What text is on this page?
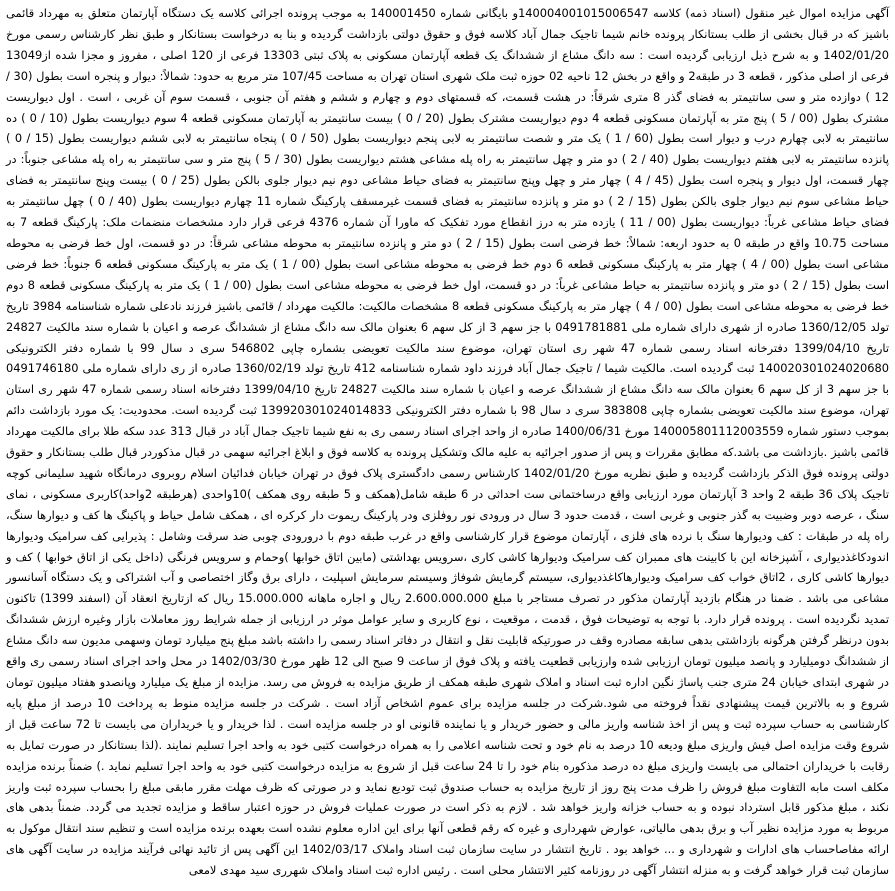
آگهی مزایده اموال غیر منقول (اسناد ذمه) کلاسه 140004001015006547و بایگانی شماره 140001450 به موجب پرونده اجرائی کلاسه یک دستگاه آپارتمان متعلق به مهرداد قائمی باشیز که در قبال بخشی از طلب بستانکار پرونده خانم شیما تاجیک جمال آباد کلاسه فوق و حقوق دولتی بازداشت گردیده و بنا به درخواست بستانکار و طبق نظر کارشناس رسمی مورخ 1402/01/20 و به شرح ذیل ارزیابی گردیده است : سه دانگ مشاع از ششدانگ یک قطعه آپارتمان مسکونی به پلاک ثبتی 13303 فرعی از 120 اصلی ، مفروز و مجزا شده از13049 فرعی از اصلی مذکور ، قطعه 3 در طبقه2 و واقع در بخش 12 ناحیه 02 حوزه ثبت ملک شهری استان تهران به مساحت 107/45 متر مربع به حدود: شمالاً: دیوار و پنجره است بطول (30 / 12 ) دوازده متر و سی سانتیمتر به فضای گذر 8 متری شرقاً: در هشت قسمت، که قسمتهای دوم و چهارم و ششم و هفتم آن جنوبی ، قسمت سوم آن غربی ، است . اول دیواریست مشترک بطول (00 / 5 ) پنج متر به آپارتمان مسکونی قطعه 4 دوم دیواریست مشترک بطول (20 / 0 ) بیست سانتیمتر به آپارتمان مسکونی قطعه 4 سوم دیواریست بطول (10 / 0 ) ده سانتیمتر به لابی چهارم درب و دیوار است بطول (60 / 1 ) یک متر و شصت سانتیمتر به لابی پنجم دیواریست بطول (50 / 0 ) پنجاه سانتیمتر به لابی ششم دیواریست بطول (15 / 0 ) پانزده سانتیمتر به لابی هفتم دیواریست بطول (40 / 2 ) دو متر و چهل سانتیمتر به راه پله مشاعی هشتم دیواریست بطول (30 / 5 ) پنج متر و سی سانتیمتر به راه پله مشاعی جنوباً: در چهار قسمت، اول دیوار و پنجره است بطول (45 / 4 ) چهار متر و چهل وپنج سانتیمتر به فضای حیاط مشاعی دوم نیم دیوار جلوی بالکن بطول (25 / 0 ) بیست وپنج سانتیمتر به فضای حیاط مشاعی سوم نیم دیوار جلوی بالکن بطول (15 / 2 ) دو متر و پانزده سانتیمتر به فضای قسمت غیرمسقف پارکینگ شماره 11 چهارم دیواریست بطول (40 / 0 ) چهل سانتیمتر به فضای حیاط مشاعی غرباً: دیواریست بطول (00 / 11 ) یازده متر به درز انقطاع مورد تفکیک که ماورا آن شماره 4376 فرعی قرار دارد مشخصات منضمات ملک: پارکینگ قطعه 7 به مساحت 10.75 واقع در طبقه 0 به حدود اربعه: شمالاً: خط فرضی است بطول (15 / 2 ) دو متر و پانزده سانتیمتر به محوطه مشاعی شرقاً: در دو قسمت، اول خط فرضی به محوطه مشاعی است بطول (00 / 4 ) چهار متر به پارکینگ مسکونی قطعه 6 دوم خط فرضی به محوطه مشاعی است بطول (00 / 1 ) یک متر به پارکینگ مسکونی قطعه 6 جنوباً: خط فرضی است بطول (15 / 2 ) دو متر و پانزده سانتیمتر به حیاط مشاعی غرباً: در دو قسمت، اول خط فرضی به محوطه مشاعی است بطول (00 / 1 ) یک متر به پارکینگ مسکونی قطعه 8 دوم خط فرضی به محوطه مشاعی است بطول (00 / 4 ) چهار متر به پارکینگ مسکونی قطعه 8 مشخصات مالکیت: مالکیت مهرداد / قائمی باشیز فرزند نادعلی شماره شناسنامه 3984 تاریخ تولد 1360/12/05 صادره از شهری دارای شماره ملی 0491781881 با جز سهم 3 از کل سهم 6 بعنوان مالک سه دانگ مشاع از ششدانگ عرصه و اعیان با شماره سند مالکیت 24827 تاریخ 1399/04/10 دفترخانه اسناد رسمی شماره 47 شهر ری استان تهران، موضوع سند مالکیت تعویضی بشماره چاپی 546802 سری د سال 99 با شماره دفتر الکترونیکی 140020301024020680 ثبت گردیده است. مالکیت شیما / تاجیک جمال آباد فرزند داود شماره شناسنامه 412 تاریخ تولد 1360/02/19 صادره از ری دارای شماره ملی 0491746180 با جز سهم 3 از کل سهم 6 بعنوان مالک سه دانگ مشاع از ششدانگ عرصه و اعیان با شماره سند مالکیت 24827 تاریخ 1399/04/10 دفترخانه اسناد رسمی شماره 47 شهر ری استان تهران، موضوع سند مالکیت تعویضی بشماره چاپی 383808 سری د سال 98 با شماره دفتر الکترونیکی 139920301024014833 ثبت گردیده است. محدودیت: یک مورد بازداشت دائم بموجب دستور شماره 140005801112003559 مورخ 1400/06/31 صادره از واحد اجرای اسناد رسمی ری به نفع شیما تاجیک جمال آباد در قبال 313 عدد سکه طلا برای مالکیت مهرداد قائمی باشیز .بازداشت می باشد.که مطابق مقررات و پس از صدور اجرائیه به علیه مالک وتشکیل پرونده به کلاسه فوق و ابلاغ اجرائیه سهمی در قبال مذکوردر قبال طلب بستانکار و حقوق دولتی پرونده فوق الذکر بازداشت گردیده و طبق نظریه مورخ 1402/01/20 کارشناس رسمی دادگستری پلاک فوق در تهران خیابان فدائیان اسلام روبروی درمانگاه شهید سلیمانی کوچه تاجیک پلاک 36 طبقه 2 واحد 3 آپارتمان مورد ارزیابی واقع درساختمانی ست احداثی در 6 طبقه شامل(همکف و 5 طبقه روی همکف )10واحدی (هرطبقه 2واحد)کاربری مسکونی ، نمای سنگ ، عرصه دوبر وضبیت به گذر جنوبی و غربی است ، قدمت حدود 3 سال در ورودی نور روفلزی ودر پارکینگ ریموت دار کرکره ای ، همکف شامل حیاط و پاکینگ ها کف و دیوارها سنگ، راه پله در طبقات : کف ودیوارها سنگ با نرده های فلزی ، آپارتمان موضوع قرار کارشناسی واقع در غرب طبقه دوم با درورودی چوبی ضد سرقت وشامل : پذیرایی کف سرامیک ودیوارها اندودکاغذدیواری ، آشپزخانه این با کابینت های ممبران کف سرامیک ودیوارها کاشی کاری ،سرویس بهداشتی (مابین اتاق خوابها )وحمام و سرویس فرنگی (داخل یکی از اتاق خوابها ) کف و دیوارها کاشی کاری ، 2اتاق خواب کف سرامیک ودیوارهاکاغذدیواری، سیستم گرمایش شوفاژ وسیستم سرمایش اسپلیت ، دارای برق وگاز اختصاصی و آب اشتراکی و یک دستگاه آسانسور مشاعی می باشد . ضمنا در هنگام بازدید آپارتمان مذکور در تصرف مستاجر با مبلغ 2.600.000.000 ریال و اجاره ماهانه 15.000.000 ریال که ازتاریخ انعقاد آن (اسفند 1399) تاکنون تمدید نگردیده است . پرونده قرار دارد. با توجه به توضیحات فوق ، قدمت ، موقعیت ، نوع کاربری و سایر عوامل موثر در ارزیابی از جمله شرایط روز معاملات بازار وغیره ارزش ششدانگ بدون درنظر گرفتن هرگونه بازداشتی بدهی سابقه مصادره وقف در صورتیکه قابلیت نقل و انتقال در دفاتر اسناد رسمی را داشته باشد مبلغ پنج میلیارد تومان وسهمی مدیون سه دانگ مشاع از ششدانگ دومیلیارد و پانصد میلیون تومان ارزیابی شده وارزیابی قطعیت یافته و پلاک فوق از ساعت 9 صبح الی 12 ظهر مورخ 1402/03/30 در محل واحد اجرای اسناد رسمی ری واقع در شهری ابتدای خیابان 24 متری جنب پاساژ نگین اداره ثبت اسناد و املاک شهری طبقه همکف از طریق مزایده به فروش می رسد. مزایده از مبلغ یک میلیارد وپانصدو هفتاد میلیون تومان شروع و به بالاترین قیمت پیشنهادی نقداً فروخته می شود.شرکت در جلسه مزایده برای عموم اشخاص آزاد است . شرکت در جلسه مزایده منوط به پرداخت 10 درصد از مبلغ پایه کارشناسی به حساب سپرده ثبت و پس از اخذ شناسه واریز مالی و حضور خریدار و یا نماینده قانونی او در جلسه مزایده است . لذا خریدار و یا خریداران می بایست تا 72 ساعت قبل از شروع وقت مزایده اصل فیش واریزی مبلغ ودیعه 10 درصد به نام خود و تحت شناسه اعلامی را به همراه درخواست کتبی خود به واحد اجرا تسلیم نمایند .(لذا بستانکار در صورت تمایل به رقابت با خریداران احتمالی می بایست واریزی مبلغ ده درصد مذکوره بنام خود را تا 24 ساعت قبل از شروع به مزایده درخواست کتبی خود به واحد اجرا تسلیم نماید .) ضمناً برنده مزایده مکلف است مابه التفاوت مبلغ فروش را ظرف مدت پنج روز از تاریخ مزایده به حساب صندوق ثبت تودیع نماید و در صورتی که ظرف مهلت مقرر مابقی مبلغ را بحساب سپرده ثبت واریز نکند ، مبلغ مذکور قابل استرداد نبوده و به حساب خزانه واریز خواهد شد . لازم به ذکر است در صورت عملیات فروش در حوزه اعتبار ساقط و مزایده تجدید می گردد. ضمناً بدهی های مربوط به مورد مزایده نظیر آب و برق بدهی مالیاتی، عوارض شهرداری و غیره که رقم قطعی آنها برای این اداره معلوم نشده است بعهده برنده مزایده است و تنظیم سند انتقال موکول به ارائه مفاصاحساب های ادارات و شهرداری و ... خواهد بود . تاریخ انتشار در سایت سازمان ثبت اسناد واملاک 1402/03/17 این آگهی پس از تائید نهائی فرآیند مزایده در سایت آگهی های سازمان ثبت قرار خواهد گرفت و به منزله انتشار آگهی در روزنامه کثیر الانتشار محلی است . رئیس اداره ثبت اسناد واملاک شهرری سید مهدی لامعی
